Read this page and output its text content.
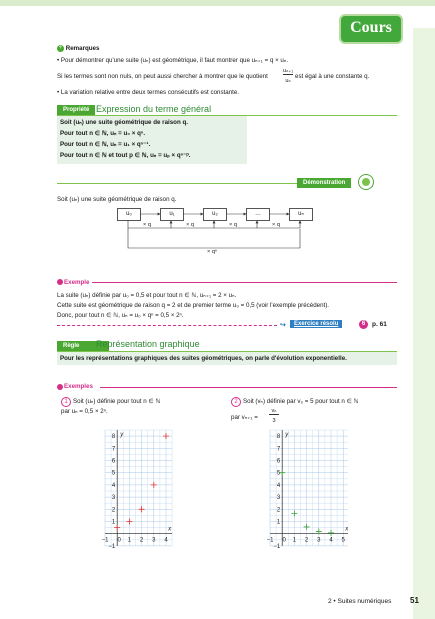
Cours
+ Remarques
• Pour démontrer qu'une suite (uₙ) est géométrique, il faut montrer que uₙ₊₁ = q × uₙ.
Si les termes sont non nuls, on peut aussi chercher à montrer que le quotient
uₙ₊₁
uₙ
est égal à une constante q.
• La variation relative entre deux termes consécutifs est constante.
Propriété Expression du terme général
Soit (uₙ) une suite géométrique de raison q.
Pour tout n ∈ ℕ, uₙ = u₀ × qⁿ.
Pour tout n ∈ ℕ, uₙ = u₁ × qⁿ⁻¹.
Pour tout n ∈ ℕ et tout p ∈ ℕ, uₙ = uₚ × qⁿ⁻ᵖ.
Démonstration
Soit (uₙ) une suite géométrique de raison q.
u₀	u₁	u₂	…	uₙ
× q	× q	× q	× q
× qⁿ
Exemple
La suite (uₙ) définie par u₀ = 0,5 et pour tout n ∈ ℕ, uₙ₊₁ = 2 × uₙ.
Cette suite est géométrique de raison q = 2 et de premier terme u₀ = 0,5 (voir l'exemple précédent).
Donc, pour tout n ∈ ℕ, uₙ = u₀ × qⁿ = 0,5 × 2ⁿ.
↪	Exercice résolu	6	p. 61
Règle	Représentation graphique
Pour les représentations graphiques des suites géométriques, on parle d'évolution exponentielle.
Exemples
1 Soit (uₙ) définie pour tout n ∈ ℕ
par uₙ = 0,5 × 2ⁿ.
2 Soit (vₙ) définie par v₀ = 5 pour tout n ∈ ℕ
par vₙ₊₁ =
vₙ
3
−1 0 1 2 3 4
−1
1
2
3
4
5
6
7
8
x
y
−1 0 1 2 3 4 5
−1
1
2
3
4
5
6
7
8
x
y
2 • Suites numériques 51
